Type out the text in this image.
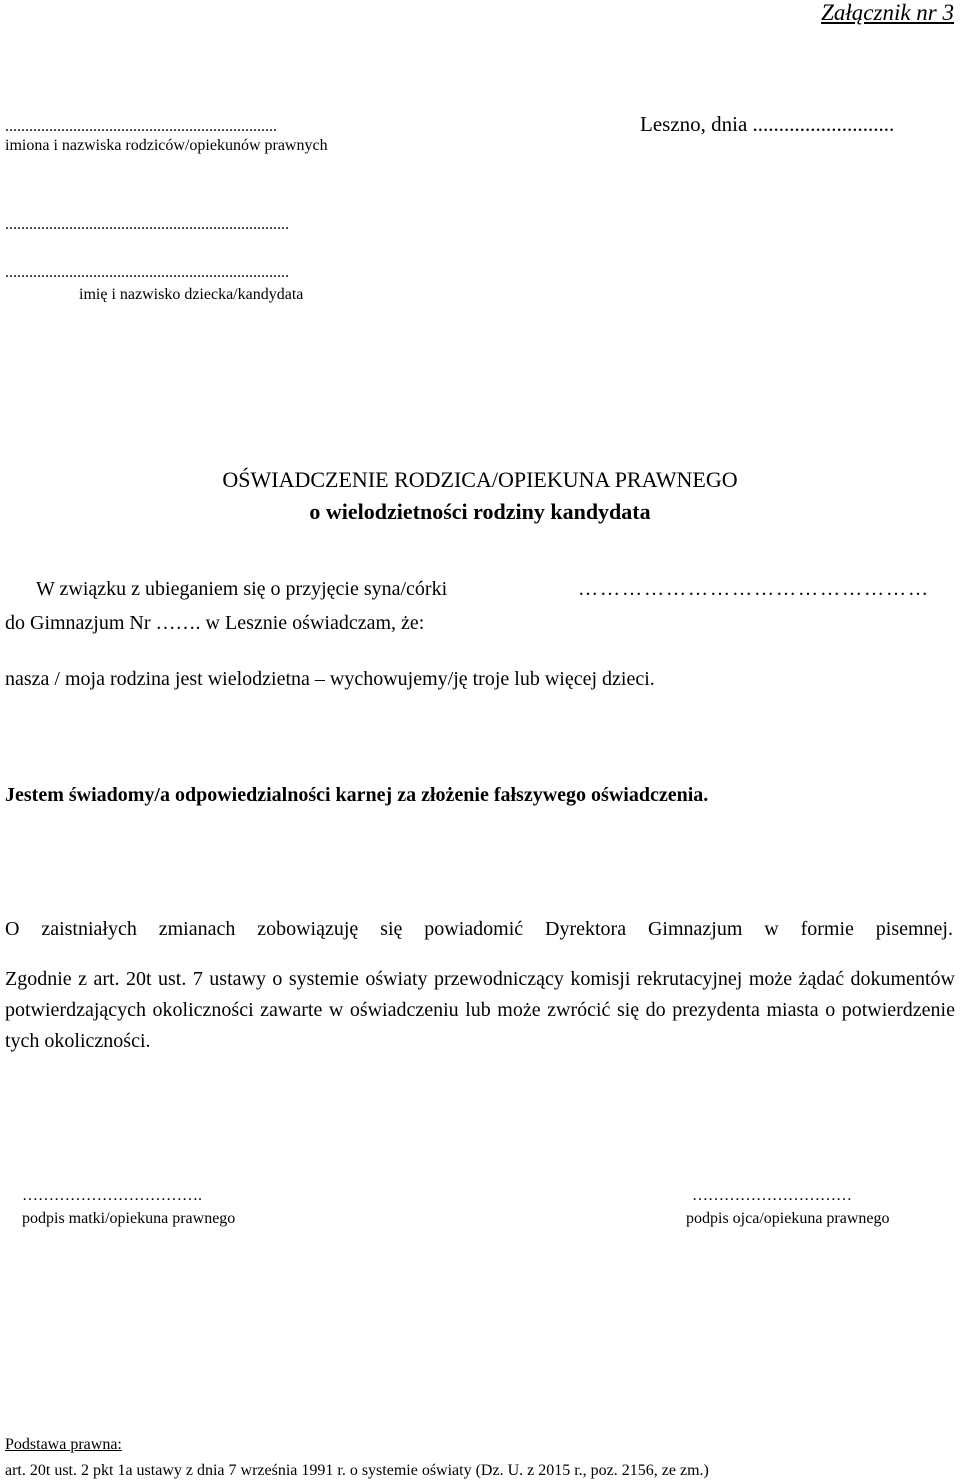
Załącznik nr 3
....................................................................
imiona i nazwiska rodziców/opiekunów prawnych
Leszno, dnia ...........................
.......................................................................
.......................................................................
imię i nazwisko dziecka/kandydata
OŚWIADCZENIE RODZICA/OPIEKUNA PRAWNEGO
o wielodzietności rodziny kandydata
W związku z ubieganiem się o przyjęcie syna/córki	…………………………………………
do Gimnazjum Nr ……. w Lesznie oświadczam, że:
nasza / moja rodzina jest wielodzietna – wychowujemy/ję troje lub więcej dzieci.
Jestem świadomy/a odpowiedzialności karnej za złożenie fałszywego oświadczenia.
O zaistniałych zmianach zobowiązuję się powiadomić Dyrektora Gimnazjum w formie pisemnej.
Zgodnie z art. 20t ust. 7 ustawy o systemie oświaty przewodniczący komisji rekrutacyjnej może żądać dokumentów potwierdzających okoliczności zawarte w oświadczeniu lub może zwrócić się do prezydenta miasta o potwierdzenie tych okoliczności.
…………………………….
podpis matki/opiekuna prawnego
…………………………
podpis ojca/opiekuna prawnego
Podstawa prawna:
art. 20t ust. 2 pkt 1a ustawy z dnia 7 września 1991 r. o systemie oświaty (Dz. U. z 2015 r., poz. 2156, ze zm.)
